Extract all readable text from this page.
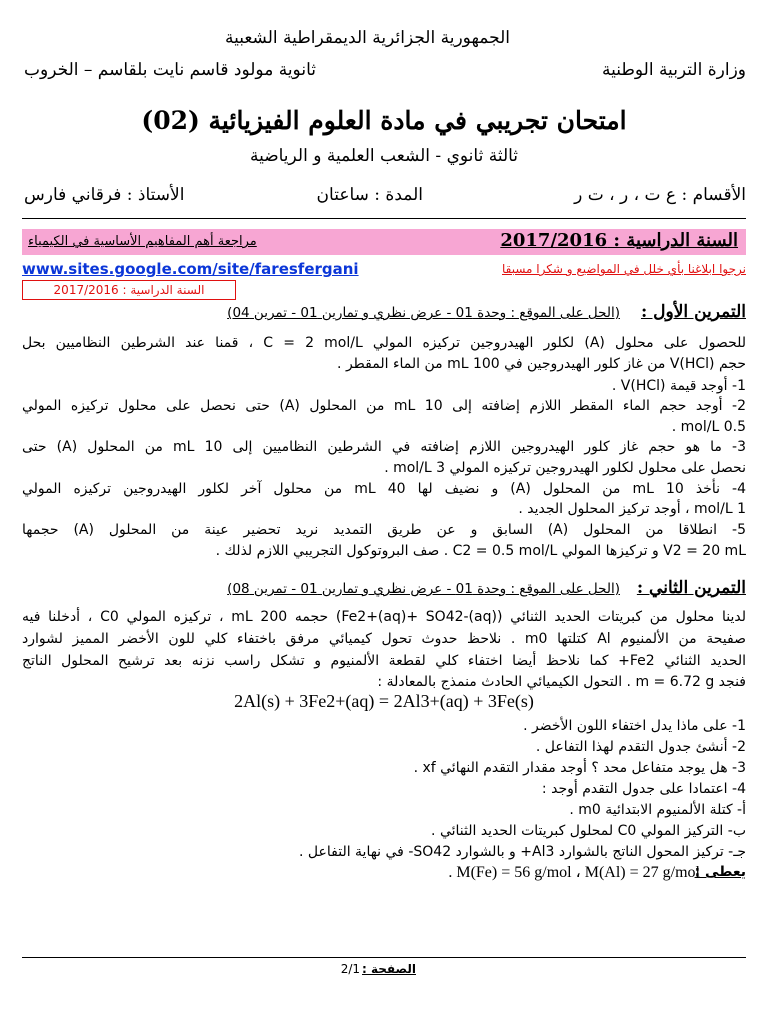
الجمهورية الجزائرية الديمقراطية الشعبية
وزارة التربية الوطنية
ثانوية مولود قاسم نايت بلقاسم – الخروب
امتحان تجريبي في مادة العلوم الفيزيائية (02)
ثالثة ثانوي - الشعب العلمية و الرياضية
الأقسام : ع ت ، ر ، ت ر
المدة : ساعتان
الأستاذ : فرقاني فارس
السنة الدراسية : 2017/2016
مراجعة أهم المفاهيم الأساسية في الكيمياء
www.sites.google.com/site/faresfergani	نرجوا ابلاغنا بأي خلل في المواضيع و شكرا مسبقا
السنة الدراسية : 2017/2016
التمرين الأول :
(الحل على الموقع : وحدة 01 - عرض نظري و تمارين 01 - تمرين 04)
للحصول على محلول (A) لكلور الهيدروجين تركيزه المولي C = 2 mol/L ، قمنا عند الشرطين النظاميين بحل
حجم V(HCl) من غاز كلور الهيدروجين في 100 mL من الماء المقطر .
1- أوجد قيمة V(HCl) .
2- أوجد حجم الماء المقطر اللازم إضافته إلى 10 mL من المحلول (A) حتى نحصل على محلول تركيزه المولي
0.5 mol/L .
3- ما هو حجم غاز كلور الهيدروجين اللازم إضافته في الشرطين النظاميين إلى 10 mL من المحلول (A) حتى
نحصل على محلول لكلور الهيدروجين تركيزه المولي 3 mol/L .
4- نأخذ 10 mL من المحلول (A) و نضيف لها 40 mL من محلول آخر لكلور الهيدروجين تركيزه المولي
1 mol/L ، أوجد تركيز المحلول الجديد .
5- انطلاقا من المحلول (A) السابق و عن طريق التمديد نريد تحضير عينة من المحلول (A) حجمها
V2 = 20 mL و تركيزها المولي C2 = 0.5 mol/L . صف البروتوكول التجريبي اللازم لذلك .
التمرين الثاني :
(الحل على الموقع : وحدة 01 - عرض نظري و تمارين 01 - تمرين 08)
لدينا محلول من كبريتات الحديد الثنائي (Fe2+(aq)+ SO42-(aq)) حجمه 200 mL ، تركيزه المولي C0 ، أدخلنا فيه
صفيحة من الألمنيوم Al كتلتها m0 . نلاحظ حدوث تحول كيميائي مرفق باختفاء كلي للون الأخضر المميز لشوارد
الحديد الثنائي Fe2+ كما نلاحظ أيضا اختفاء كلي لقطعة الألمنيوم و تشكل راسب نزنه بعد ترشيح المحلول الناتج
فنجد m = 6.72 g . التحول الكيميائي الحادث منمذج بالمعادلة :
2Al(s) + 3Fe2+(aq) = 2Al3+(aq) + 3Fe(s)
1- على ماذا يدل اختفاء اللون الأخضر .
2- أنشئ جدول التقدم لهذا التفاعل .
3- هل يوجد متفاعل محد ؟ أوجد مقدار التقدم النهائي xf .
4- اعتمادا على جدول التقدم أوجد :
أ- كتلة الألمنيوم الابتدائية m0 .
ب- التركيز المولي C0 لمحلول كبريتات الحديد الثنائي .
جـ- تركيز المحول الناتج بالشوارد Al3+ و بالشوارد SO42- في نهاية التفاعل .
يعطى :
M(Fe) = 56 g/mol ، M(Al) = 27 g/mol .
الصفحة :
2/1
